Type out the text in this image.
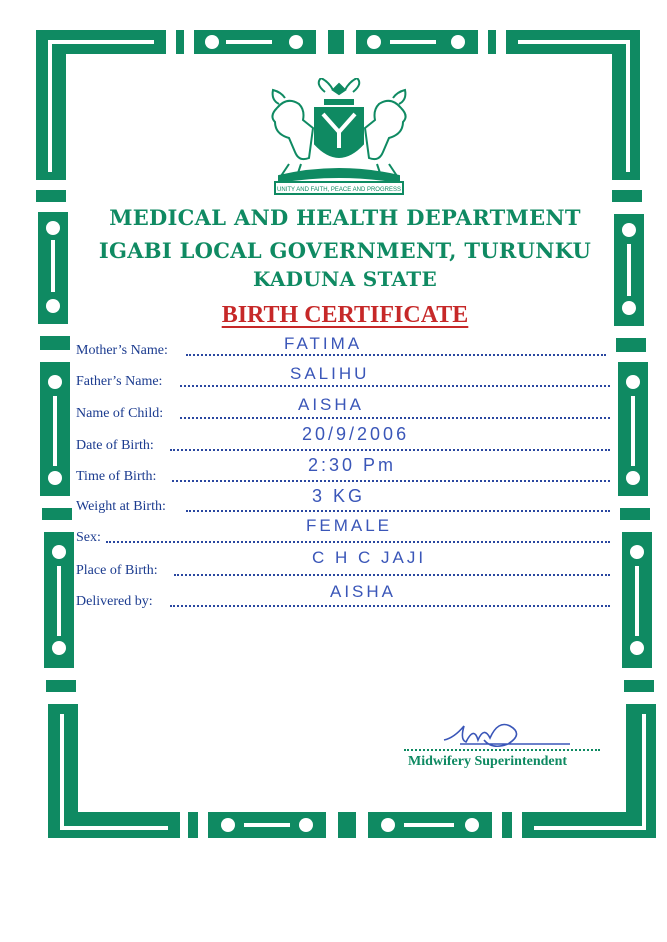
UNITY AND FAITH, PEACE AND PROGRESS
MEDICAL AND HEALTH DEPARTMENT
IGABI LOCAL GOVERNMENT, TURUNKU
KADUNA STATE
BIRTH CERTIFICATE
Mother’s Name:	FATIMA
Father’s Name:	SALIHU
Name of Child:	AISHA
Date of Birth:
20/9/2006
Time of Birth:
2:30 Pm
Weight at Birth:
3 KG
Sex:
FEMALE
Place of Birth:
C H C JAJI
Delivered by:
AISHA
Midwifery Superintendent
